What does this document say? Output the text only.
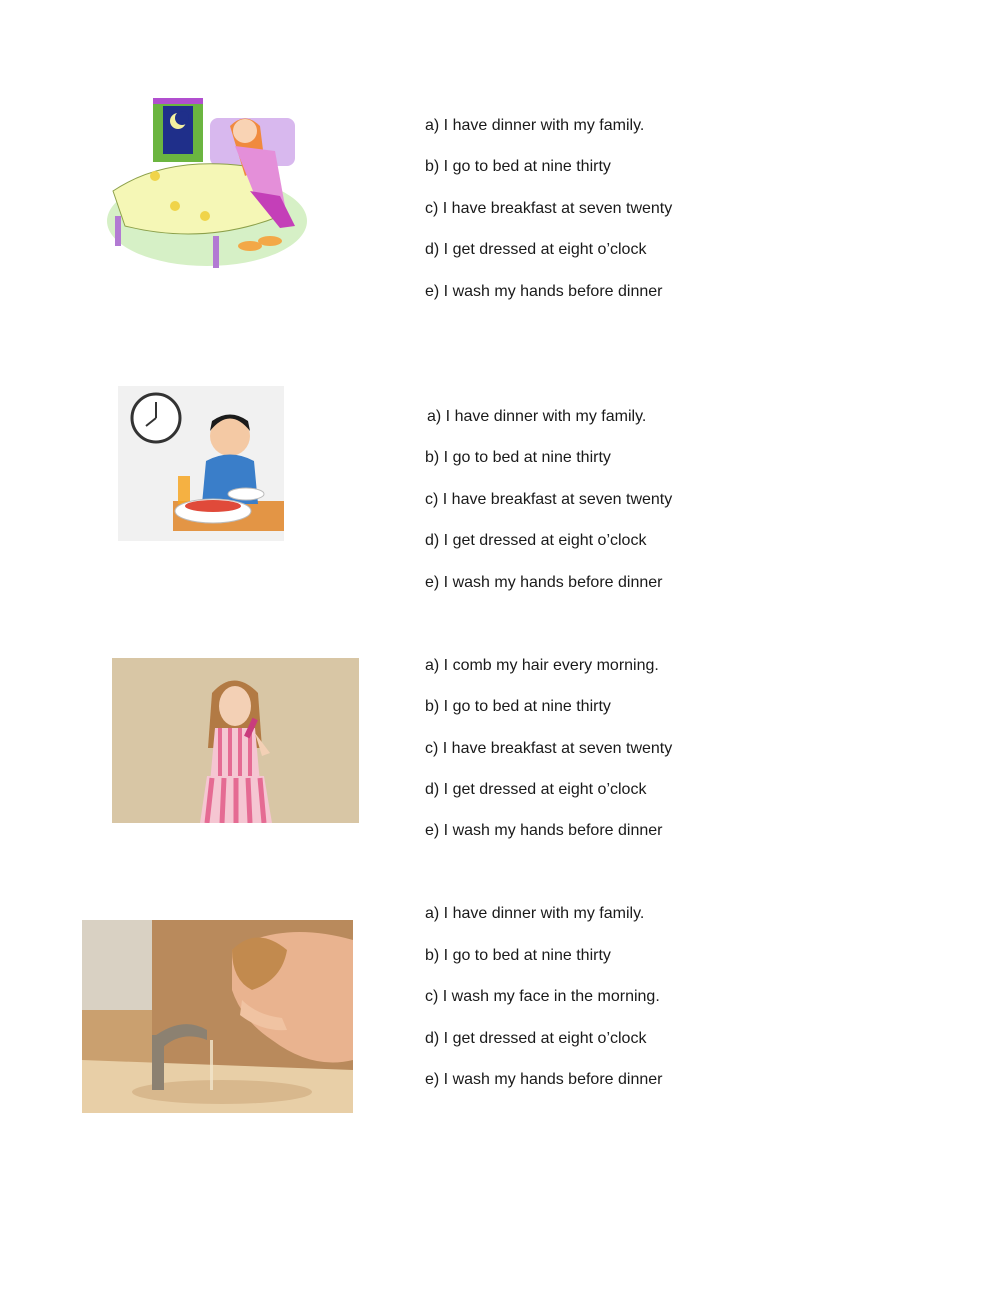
a) I have dinner with my family.
b) I go to bed at nine thirty
c) I have breakfast at seven twenty
d) I get dressed at eight o’clock
e) I wash my hands before dinner
a) I have dinner with my family.
b) I go to bed at nine thirty
c) I have breakfast at seven twenty
d) I get dressed at eight o’clock
e) I wash my hands before dinner
a) I comb my hair every morning.
b) I go to bed at nine thirty
c) I have breakfast at seven twenty
d) I get dressed at eight o’clock
e) I wash my hands before dinner
a) I have dinner with my family.
b) I go to bed at nine thirty
c) I wash my face in the morning.
d) I get dressed at eight o’clock
e) I wash my hands before dinner
